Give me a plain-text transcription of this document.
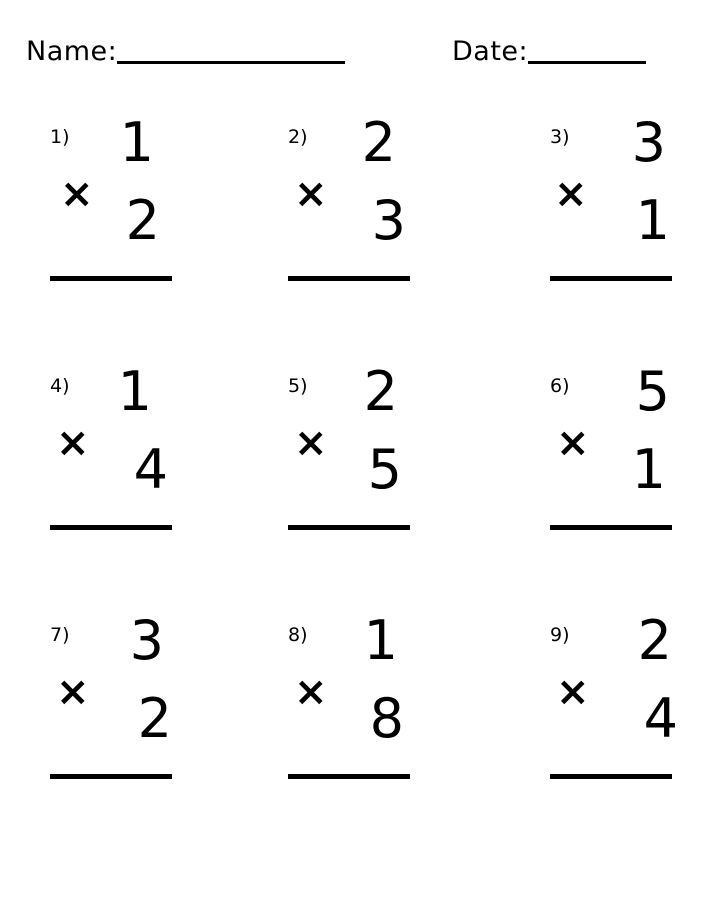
Name:	Date:
1) 1
× 2
2) 2
× 3
3) 3
× 1
4) 1
× 4
5) 2
× 5
6) 5
× 1
7) 3
× 2
8) 1
× 8
9) 2
× 4
